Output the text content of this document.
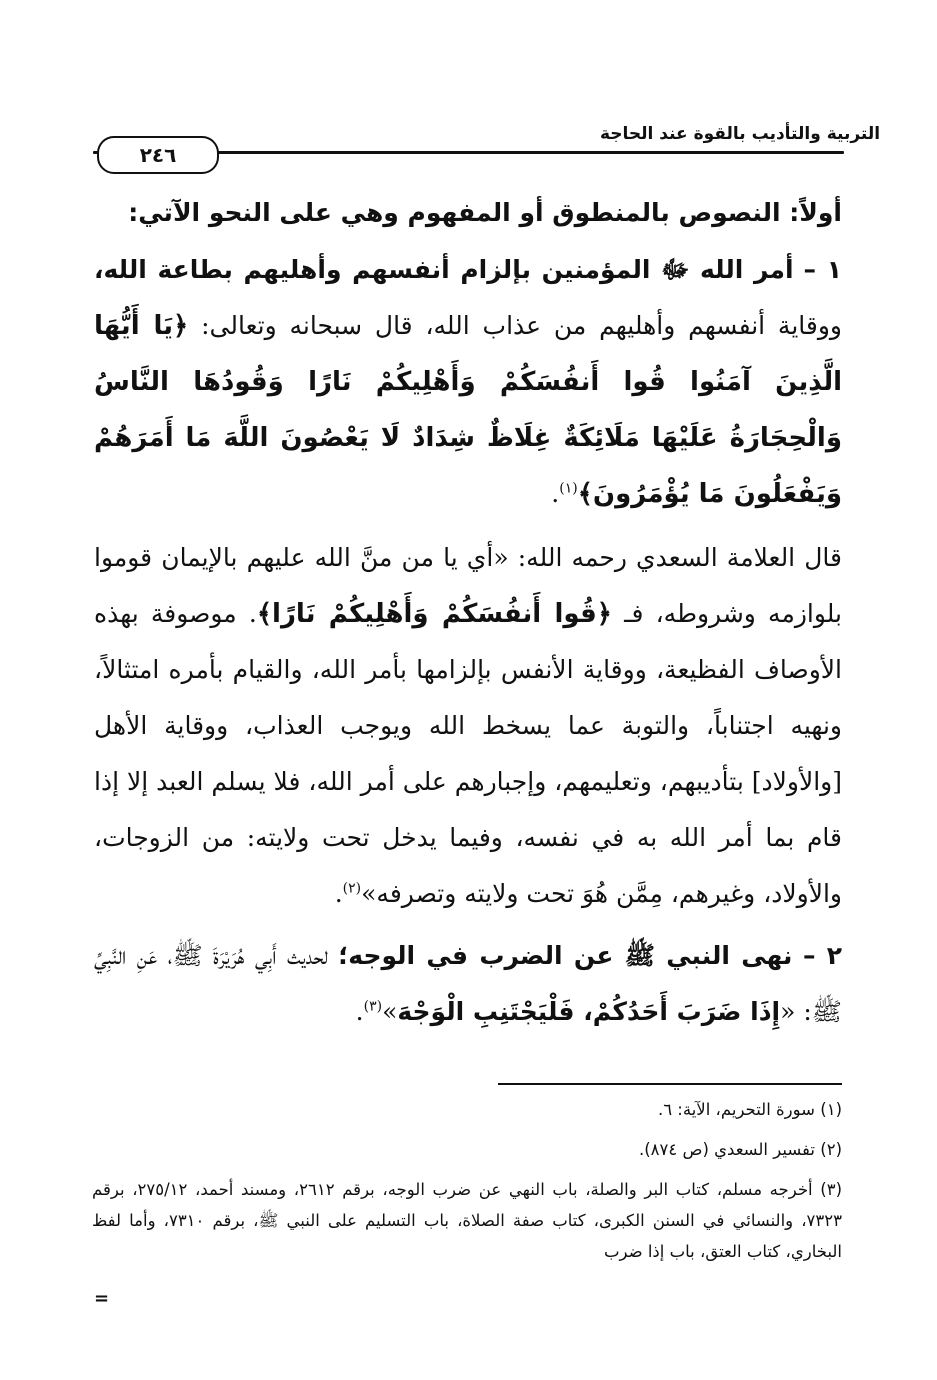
التربية والتأديب بالقوة عند الحاجة
٢٤٦
أولاً: النصوص بالمنطوق أو المفهوم وهي على النحو الآتي:

١ – أمر الله ﷻ المؤمنين بإلزام أنفسهم وأهليهم بطاعة الله، ووقاية أنفسهم وأهليهم من عذاب الله، قال سبحانه وتعالى: ﴿يَا أَيُّهَا الَّذِينَ آمَنُوا قُوا أَنفُسَكُمْ وَأَهْلِيكُمْ نَارًا وَقُودُهَا النَّاسُ وَالْحِجَارَةُ عَلَيْهَا مَلَائِكَةٌ غِلَاظٌ شِدَادٌ لَا يَعْصُونَ اللَّهَ مَا أَمَرَهُمْ وَيَفْعَلُونَ مَا يُؤْمَرُونَ﴾$^{(١)}$.

قال العلامة السعدي رحمه الله: «أي يا من منَّ الله عليهم بالإيمان قوموا بلوازمه وشروطه، فـ ﴿قُوا أَنفُسَكُمْ وَأَهْلِيكُمْ نَارًا﴾. موصوفة بهذه الأوصاف الفظيعة، ووقاية الأنفس بإلزامها بأمر الله، والقيام بأمره امتثالاً، ونهيه اجتناباً، والتوبة عما يسخط الله ويوجب العذاب، ووقاية الأهل [والأولاد] بتأديبهم، وتعليمهم، وإجبارهم على أمر الله، فلا يسلم العبد إلا إذا قام بما أمر الله به في نفسه، وفيما يدخل تحت ولايته: من الزوجات، والأولاد، وغيرهم، مِمَّن هُوَ تحت ولايته وتصرفه»$^{(٢)}$.

٢ – نهى النبي ﷺ عن الضرب في الوجه؛ لحديث أَبِي هُرَيْرَةَ ﷺ، عَنِ النَّبِيِّ ﷺ: «إِذَا ضَرَبَ أَحَدُكُمْ، فَلْيَجْتَنِبِ الْوَجْهَ»$^{(٣)}$.

(١) سورة التحريم، الآية: ٦.

(٢) تفسير السعدي (ص ٨٧٤).

(٣) أخرجه مسلم، كتاب البر والصلة، باب النهي عن ضرب الوجه، برقم ٢٦١٢، ومسند أحمد، ٢٧٥/١٢، برقم ٧٣٢٣، والنسائي في السنن الكبرى، كتاب صفة الصلاة، باب التسليم على النبي ﷺ، برقم ٧٣١٠، وأما لفظ البخاري، كتاب العتق، باب إذا ضرب

=
